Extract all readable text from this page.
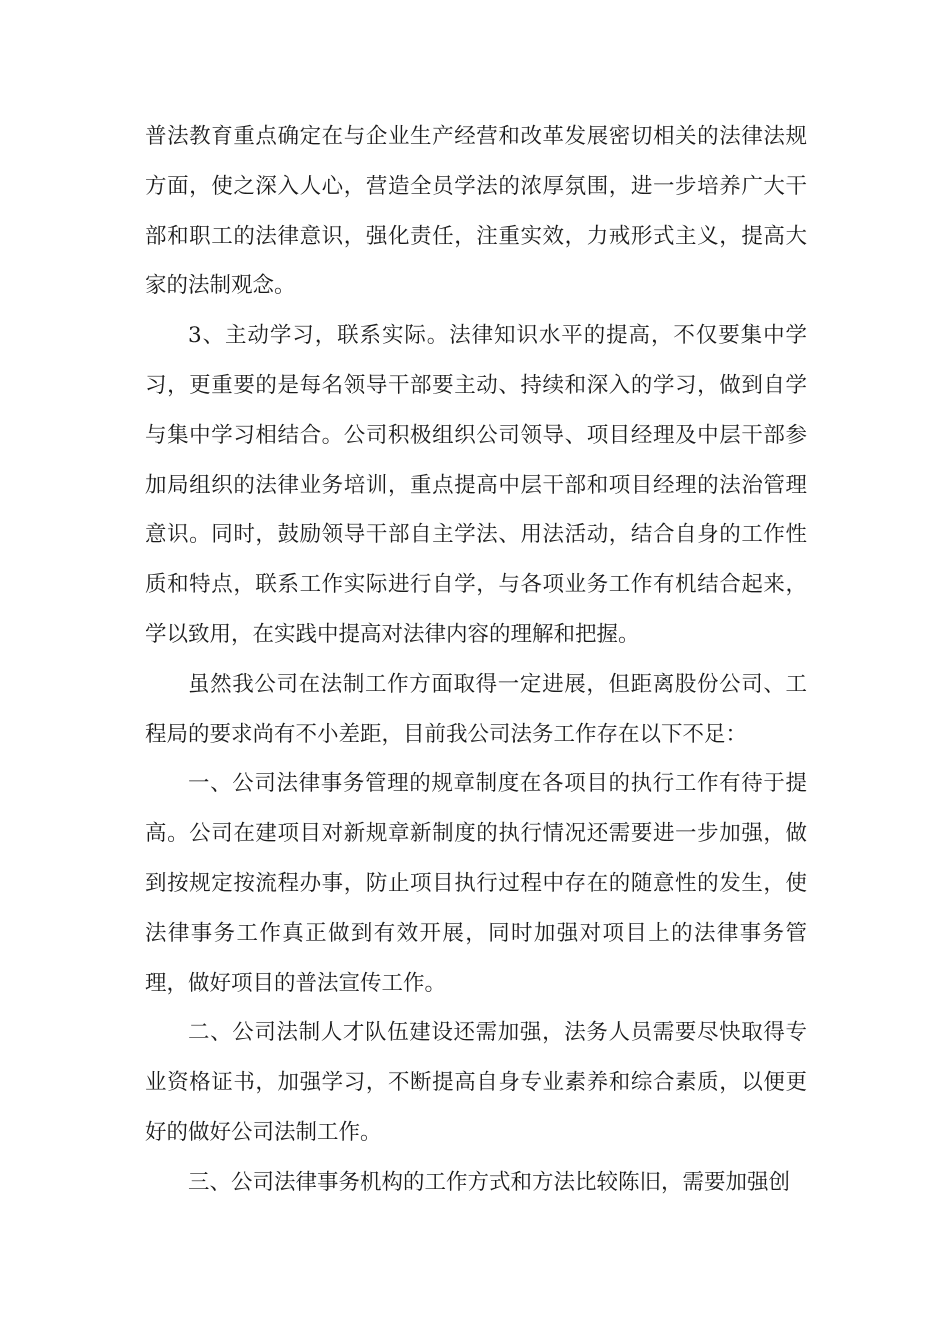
普法教育重点确定在与企业生产经营和改革发展密切相关的法律法规方面，使之深入人心，营造全员学法的浓厚氛围，进一步培养广大干部和职工的法律意识，强化责任，注重实效，力戒形式主义，提高大家的法制观念。

3、主动学习，联系实际。法律知识水平的提高，不仅要集中学习，更重要的是每名领导干部要主动、持续和深入的学习，做到自学与集中学习相结合。公司积极组织公司领导、项目经理及中层干部参加局组织的法律业务培训，重点提高中层干部和项目经理的法治管理意识。同时，鼓励领导干部自主学法、用法活动，结合自身的工作性质和特点，联系工作实际进行自学，与各项业务工作有机结合起来，学以致用，在实践中提高对法律内容的理解和把握。

虽然我公司在法制工作方面取得一定进展，但距离股份公司、工程局的要求尚有不小差距，目前我公司法务工作存在以下不足：

一、公司法律事务管理的规章制度在各项目的执行工作有待于提高。公司在建项目对新规章新制度的执行情况还需要进一步加强，做到按规定按流程办事，防止项目执行过程中存在的随意性的发生，使法律事务工作真正做到有效开展，同时加强对项目上的法律事务管理，做好项目的普法宣传工作。

二、公司法制人才队伍建设还需加强，法务人员需要尽快取得专业资格证书，加强学习，不断提高自身专业素养和综合素质，以便更好的做好公司法制工作。

三、公司法律事务机构的工作方式和方法比较陈旧，需要加强创
